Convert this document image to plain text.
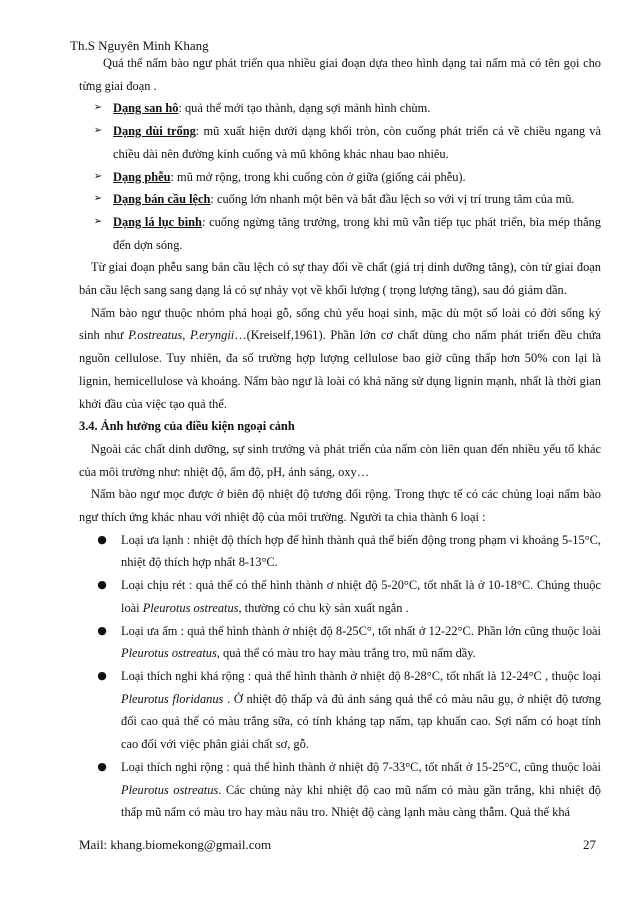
Th.S Nguyên Minh Khang

Quá thể nấm bào ngư phát triển qua nhiều giai đoạn dựa theo hình dạng tai nấm mà có tên gọi cho từng giai đoạn .

➢ Dạng san hô: quả thể mới tạo thành, dạng sợi mảnh hình chùm.

➢ Dạng dùi trống: mũ xuất hiện dưới dạng khối tròn, còn cuống phát triển cả về chiều ngang và chiều dài nên đường kính cuống và mũ không khác nhau bao nhiêu.

➢ Dạng phễu: mũ mở rộng, trong khi cuống còn ở giữa (giống cái phễu).

➢ Dạng bán cầu lệch: cuống lớn nhanh một bên và bắt đầu lệch so với vị trí trung tâm của mũ.

➢ Dạng lá lục bình: cuống ngừng tăng trưởng, trong khi mũ vẫn tiếp tục phát triển, bìa mép thẳng đến dợn sóng.

Từ giai đoạn phễu sang bán cầu lệch có sự thay đổi về chất (giá trị dinh dưỡng tăng), còn từ giai đoạn bán cầu lệch sang sang dạng lá có sự nhảy vọt về khối lượng ( trọng lượng tăng), sau đó giảm dần.

Nấm bào ngư thuộc nhóm phá hoại gỗ, sống chủ yếu hoại sinh, mặc dù một số loài có đời sống ký sinh như P.ostreatus, P.eryngii…(Kreiself,1961). Phần lớn cơ chất dùng cho nấm phát triển đều chứa nguồn cellulose. Tuy nhiên, đa số trường hợp lượng cellulose bao giờ cũng thấp hơn 50% con lại là lignin, hemicellulose và khoáng. Nấm bào ngư là loài có khả năng sử dụng lignin mạnh, nhất là thời gian khởi đầu của việc tạo quả thể.

3.4. Ảnh hưởng của điều kiện ngoại cảnh

Ngoài các chất dinh dưỡng, sự sinh trưởng và phát triển của nấm còn liên quan đến nhiều yếu tố khác của môi trường như: nhiệt độ, ẩm độ, pH, ánh sáng, oxy…

Nấm bào ngư mọc được ở biên độ nhiệt độ tương đối rộng. Trong thực tế có các chủng loại nấm bào ngư thích ứng khác nhau với nhiệt độ của môi trường. Người ta chia thành 6 loại :

● Loại ưa lạnh : nhiệt độ thích hợp để hình thành quả thể biến động trong phạm vi khoảng 5-15°C, nhiệt độ thích hợp nhất 8-13°C.

● Loại chịu rét : quả thể có thể hình thành ơ nhiệt độ 5-20°C, tốt nhất là ở 10-18°C. Chúng thuộc loài Pleurotus ostreatus, thường có chu kỳ sản xuất ngắn .

● Loại ưa ấm : quả thể hình thành ở nhiệt độ 8-25C°, tốt nhất ở 12-22°C. Phần lớn cũng thuộc loài Pleurotus ostreatus, quả thể có màu tro hay màu trắng tro, mũ nấm dầy.

● Loại thích nghi khá rộng : quả thể hình thành ở nhiệt độ 8-28°C, tốt nhất là 12-24°C , thuộc loại Pleurotus floridanus . Ở nhiệt độ thấp và đủ ánh sáng quả thể có màu nâu gụ, ở nhiệt độ tương đối cao quả thể có màu trắng sữa, có tính kháng tạp nấm, tạp khuẩn cao. Sợi nấm có hoạt tính cao đối với việc phân giải chất sơ, gỗ.

● Loại thích nghi rộng : quả thể hình thành ở nhiệt độ 7-33°C, tốt nhất ở 15-25°C, cũng thuộc loài Pleurotus ostreatus. Các chủng này khi nhiệt độ cao mũ nấm có màu gần trắng, khi nhiệt độ thấp mũ nấm có màu tro hay màu nâu tro. Nhiệt độ càng lạnh màu càng thẫm. Quả thể khá

Mail: khang.biomekong@gmail.com	27
